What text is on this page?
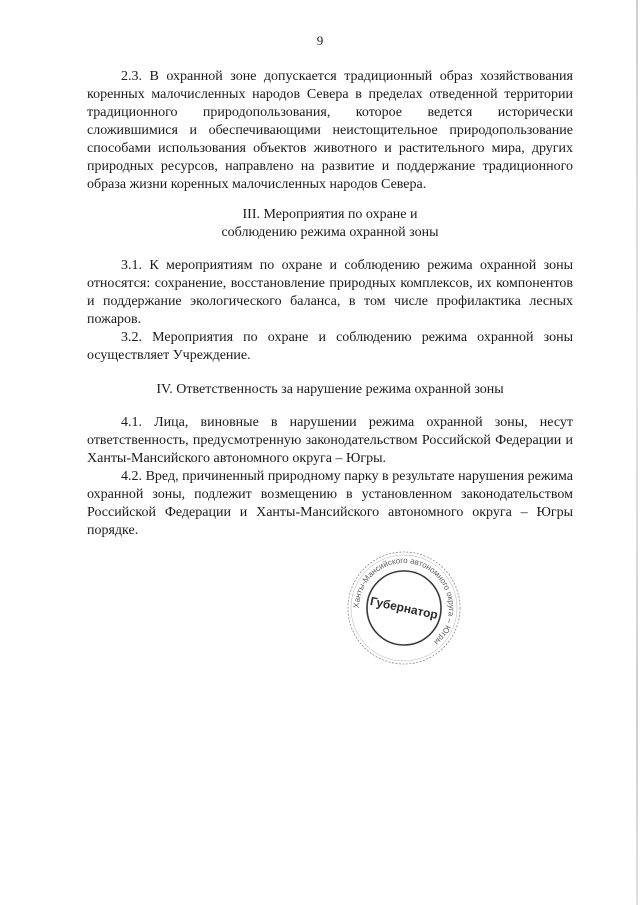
9

2.3. В охранной зоне допускается традиционный образ хозяйствования коренных малочисленных народов Севера в пределах отведенной территории традиционного природопользования, которое ведется исторически сложившимися и обеспечивающими неистощительное природопользование способами использования объектов животного и растительного мира, других природных ресурсов, направлено на развитие и поддержание традиционного образа жизни коренных малочисленных народов Севера.

III. Мероприятия по охране и

соблюдению режима охранной зоны

3.1. К мероприятиям по охране и соблюдению режима охранной зоны относятся: сохранение, восстановление природных комплексов, их компонентов и поддержание экологического баланса, в том числе профилактика лесных пожаров.

3.2. Мероприятия по охране и соблюдению режима охранной зоны осуществляет Учреждение.

IV. Ответственность за нарушение режима охранной зоны

4.1. Лица, виновные в нарушении режима охранной зоны, несут ответственность, предусмотренную законодательством Российской Федерации и Ханты-Мансийского автономного округа – Югры.

4.2. Вред, причиненный природному парку в результате нарушения режима охранной зоны, подлежит возмещению в установленном законодательством Российской Федерации и Ханты-Мансийского автономного округа – Югры порядке.

Ханты-Мансийского автономного округа – Югры
Губернатор
